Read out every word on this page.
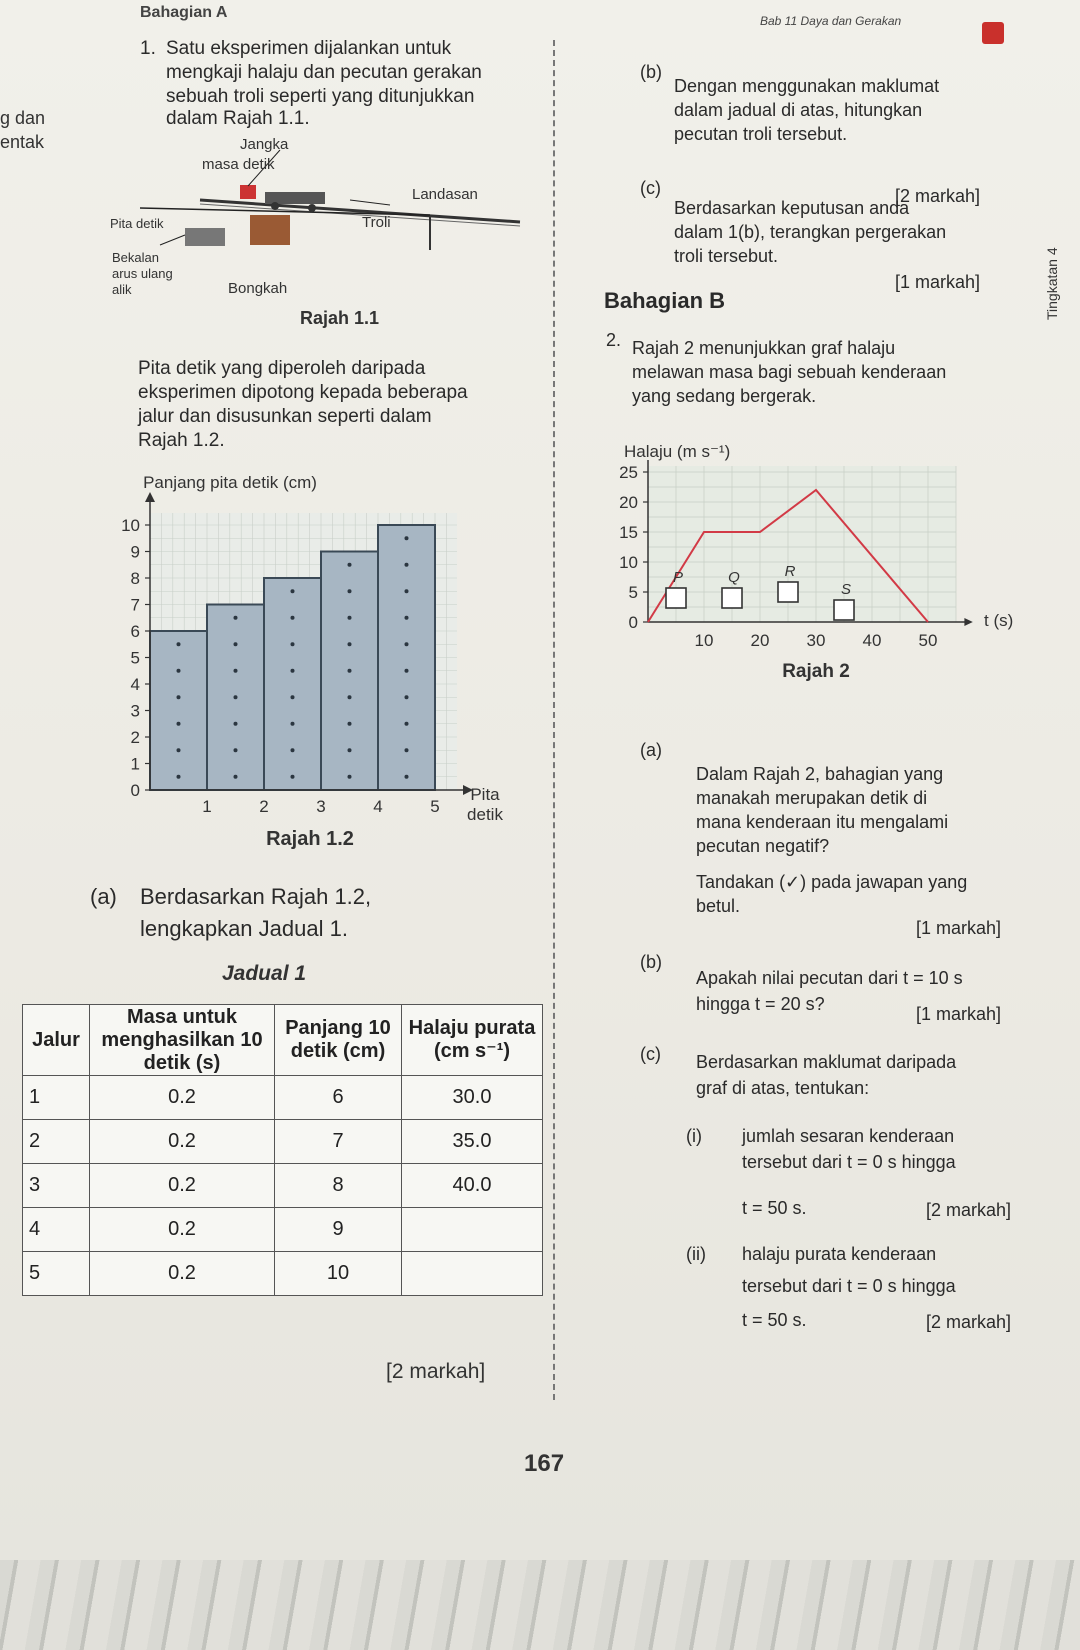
Bahagian A	Bab 11 Daya dan Gerakan
Tingkatan 4
g dan
entak
1. Satu eksperimen dijalankan untuk
mengkaji halaju dan pecutan gerakan
sebuah troli seperti yang ditunjukkan
dalam Rajah 1.1.
Jangka
masa detik
Landasan
Troli
Pita detik
Bekalan
arus ulang
alik	Bongkah
Rajah 1.1
Pita detik yang diperoleh daripada
eksperimen dipotong kepada beberapa
jalur dan disusunkan seperti dalam
Rajah 1.2.
0
1
2
3
4
5
6
7
8
9
10
1	2	3	4	5
Panjang pita detik (cm)
Pita
detik
Rajah 1.2
(a) Berdasarkan Rajah 1.2,
lengkapkan Jadual 1.
Jadual 1
Jalur	Masa untuk menghasilkan 10 detik (s)	Panjang 10 detik (cm)	Halaju purata (cm s⁻¹)
1	0.2	6	30.0
2	0.2	7	35.0
3	0.2	8	40.0
4	0.2	9	
5	0.2	10	
[2 markah]
(b)
Dengan menggunakan maklumat
dalam jadual di atas, hitungkan
pecutan troli tersebut.
[2 markah]
(c)
Berdasarkan keputusan anda
dalam 1(b), terangkan pergerakan
troli tersebut.
[1 markah]
Bahagian B
2. Rajah 2 menunjukkan graf halaju
melawan masa bagi sebuah kenderaan
yang sedang bergerak.
0
5
10
15
20
25
10 20 30 40 50
P	Q	R
S
Halaju (m s⁻¹)
t (s)
Rajah 2
(a)
Dalam Rajah 2, bahagian yang
manakah merupakan detik di
mana kenderaan itu mengalami
pecutan negatif?
Tandakan (✓) pada jawapan yang
betul.
[1 markah]
(b)
Apakah nilai pecutan dari t = 10 s
hingga t = 20 s?	[1 markah]
(c) Berdasarkan maklumat daripada
graf di atas, tentukan:
(i) jumlah sesaran kenderaan
tersebut dari t = 0 s hingga
t = 50 s.	[2 markah]
(ii) halaju purata kenderaan
tersebut dari t = 0 s hingga
t = 50 s.	[2 markah]
167
